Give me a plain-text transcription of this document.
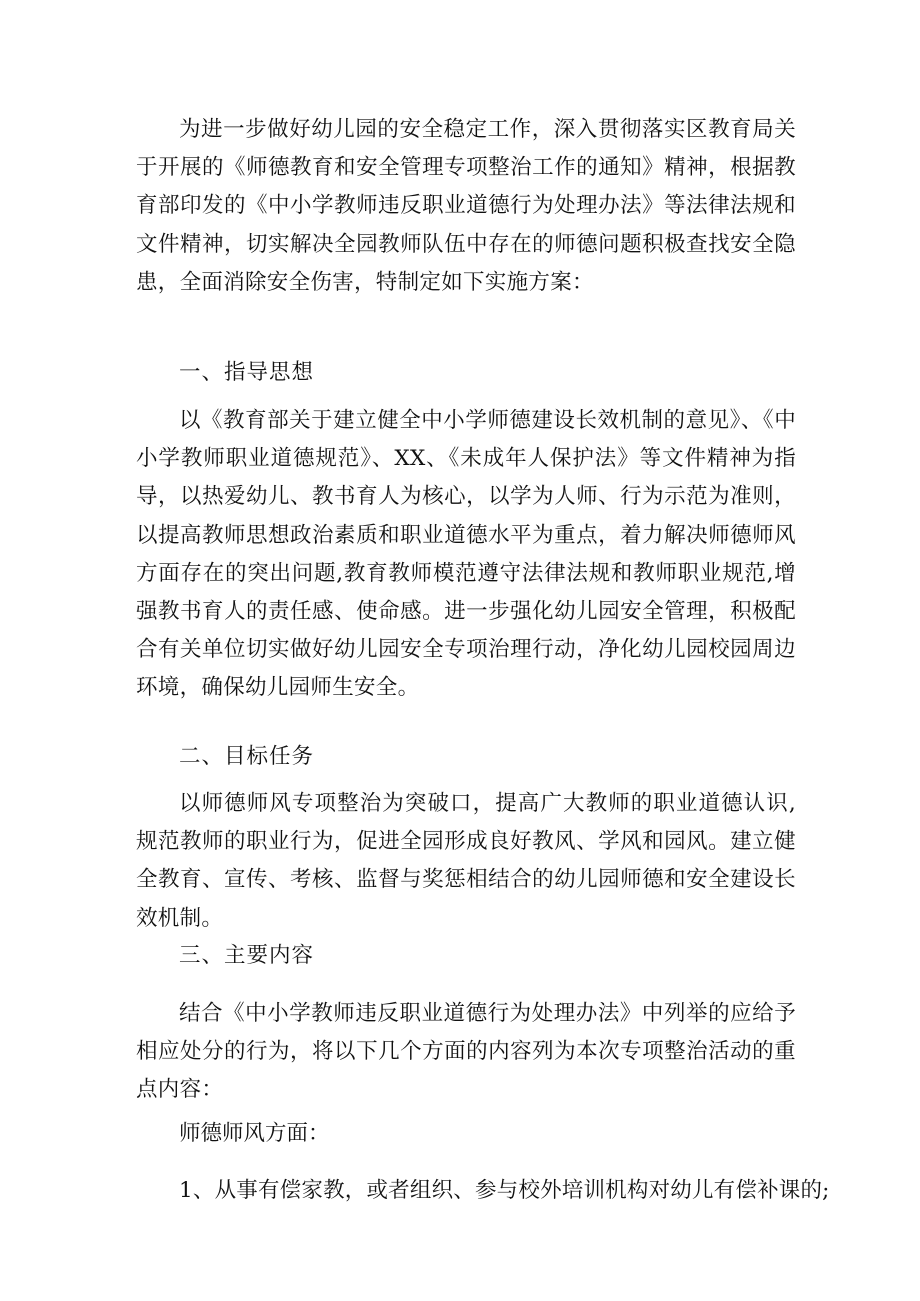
为进一步做好幼儿园的安全稳定工作，深入贯彻落实区教育局关于开展的《师德教育和安全管理专项整治工作的通知》精神，根据教育部印发的《中小学教师违反职业道德行为处理办法》等法律法规和文件精神，切实解决全园教师队伍中存在的师德问题积极查找安全隐患，全面消除安全伤害，特制定如下实施方案：

一、指导思想

以《教育部关于建立健全中小学师德建设长效机制的意见》、《中小学教师职业道德规范》、XX、《未成年人保护法》等文件精神为指导，以热爱幼儿、教书育人为核心，以学为人师、行为示范为准则，以提高教师思想政治素质和职业道德水平为重点，着力解决师德师风方面存在的突出问题,教育教师模范遵守法律法规和教师职业规范,增强教书育人的责任感、使命感。进一步强化幼儿园安全管理，积极配合有关单位切实做好幼儿园安全专项治理行动，净化幼儿园校园周边环境，确保幼儿园师生安全。

二、目标任务

以师德师风专项整治为突破口，提高广大教师的职业道德认识,规范教师的职业行为，促进全园形成良好教风、学风和园风。建立健全教育、宣传、考核、监督与奖惩相结合的幼儿园师德和安全建设长效机制。

三、主要内容

结合《中小学教师违反职业道德行为处理办法》中列举的应给予相应处分的行为，将以下几个方面的内容列为本次专项整治活动的重点内容：

师德师风方面：
1、从事有偿家教，或者组织、参与校外培训机构对幼儿有偿补课的;
